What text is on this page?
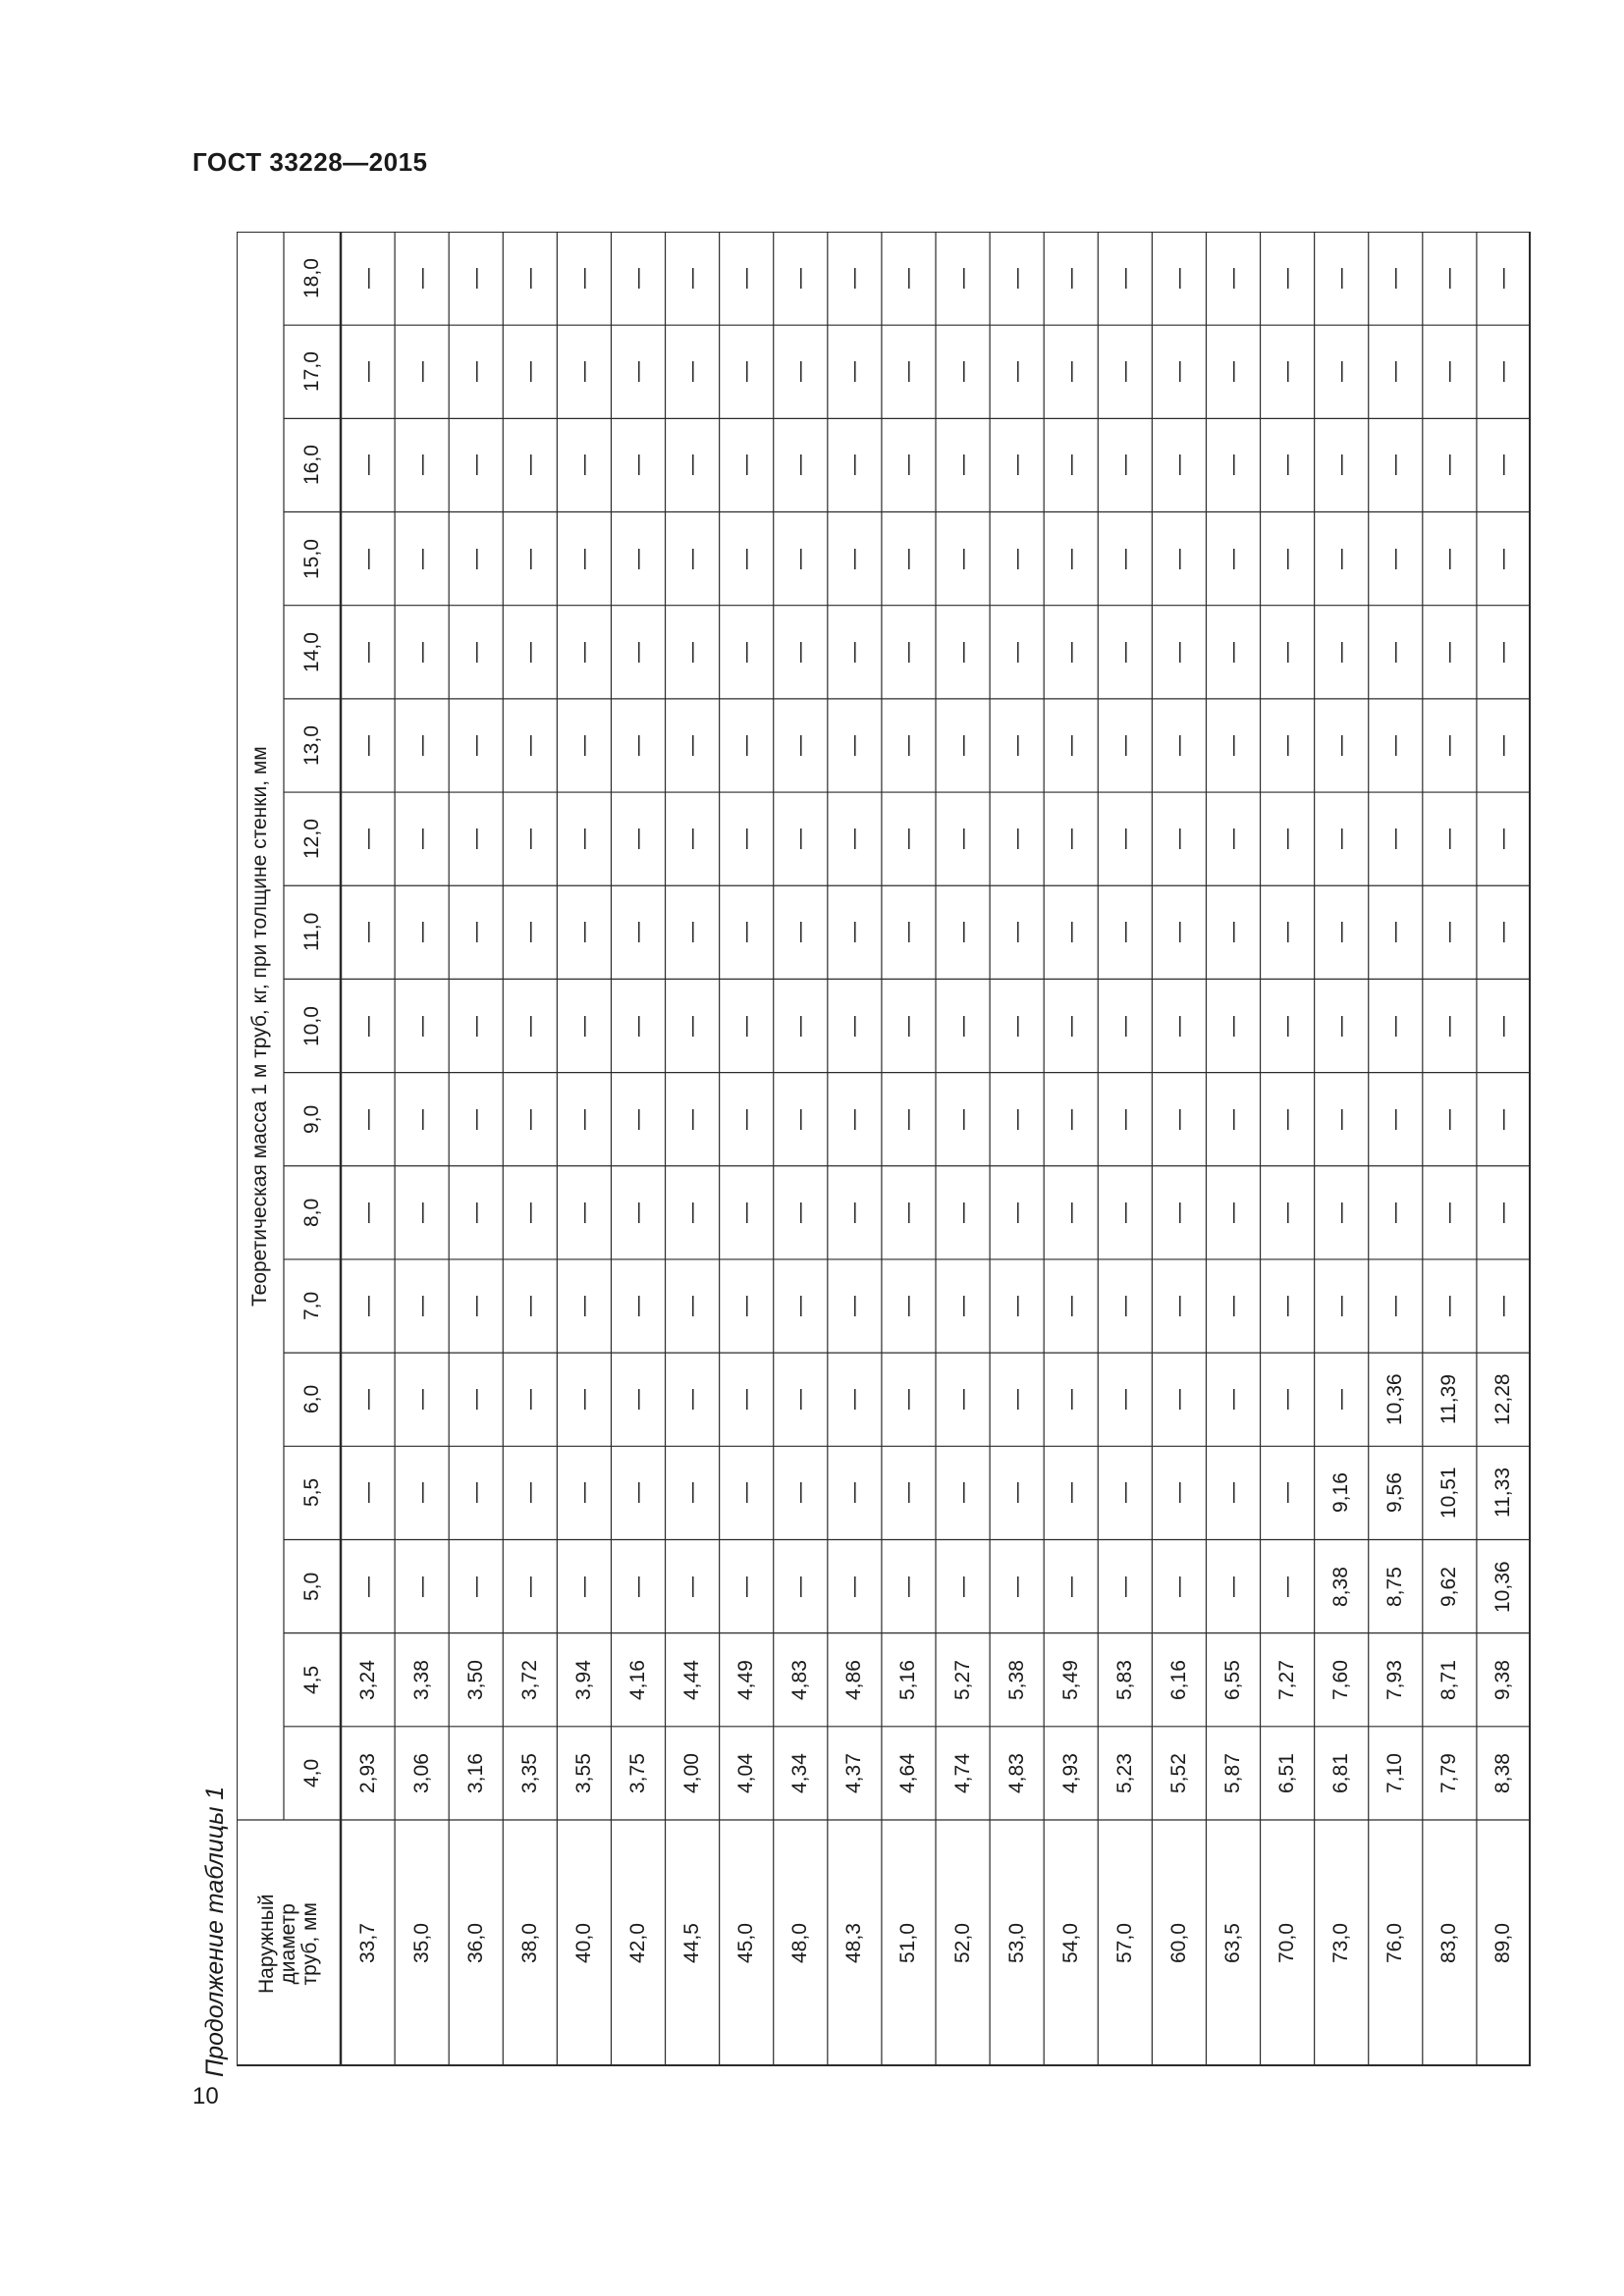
ГОСТ 33228—2015
Продолжение таблицы 1
10
Наружный
диаметр
труб, мм
Теоретическая масса 1 м труб, кг, при толщине стенки, мм
4,0
4,5
5,0
5,5
6,0
7,0
8,0
9,0
10,0
11,0
12,0
13,0
14,0
15,0
16,0
17,0
18,0
33,7
2,93
3,24
—
—
—
—
—
—
—
—
—
—
—
—
—
—
—
35,0
3,06
3,38
—
—
—
—
—
—
—
—
—
—
—
—
—
—
—
36,0
3,16
3,50
—
—
—
—
—
—
—
—
—
—
—
—
—
—
—
38,0
3,35
3,72
—
—
—
—
—
—
—
—
—
—
—
—
—
—
—
40,0
3,55
3,94
—
—
—
—
—
—
—
—
—
—
—
—
—
—
—
42,0
3,75
4,16
—
—
—
—
—
—
—
—
—
—
—
—
—
—
—
44,5
4,00
4,44
—
—
—
—
—
—
—
—
—
—
—
—
—
—
—
45,0
4,04
4,49
—
—
—
—
—
—
—
—
—
—
—
—
—
—
—
48,0
4,34
4,83
—
—
—
—
—
—
—
—
—
—
—
—
—
—
—
48,3
4,37
4,86
—
—
—
—
—
—
—
—
—
—
—
—
—
—
—
51,0
4,64
5,16
—
—
—
—
—
—
—
—
—
—
—
—
—
—
—
52,0
4,74
5,27
—
—
—
—
—
—
—
—
—
—
—
—
—
—
—
53,0
4,83
5,38
—
—
—
—
—
—
—
—
—
—
—
—
—
—
—
54,0
4,93
5,49
—
—
—
—
—
—
—
—
—
—
—
—
—
—
—
57,0
5,23
5,83
—
—
—
—
—
—
—
—
—
—
—
—
—
—
—
60,0
5,52
6,16
—
—
—
—
—
—
—
—
—
—
—
—
—
—
—
63,5
5,87
6,55
—
—
—
—
—
—
—
—
—
—
—
—
—
—
—
70,0
6,51
7,27
—
—
—
—
—
—
—
—
—
—
—
—
—
—
—
73,0
6,81
7,60
8,38
9,16
—
—
—
—
—
—
—
—
—
—
—
—
—
76,0
7,10
7,93
8,75
9,56
10,36
—
—
—
—
—
—
—
—
—
—
—
—
83,0
7,79
8,71
9,62
10,51
11,39
—
—
—
—
—
—
—
—
—
—
—
—
89,0
8,38
9,38
10,36
11,33
12,28
—
—
—
—
—
—
—
—
—
—
—
—
